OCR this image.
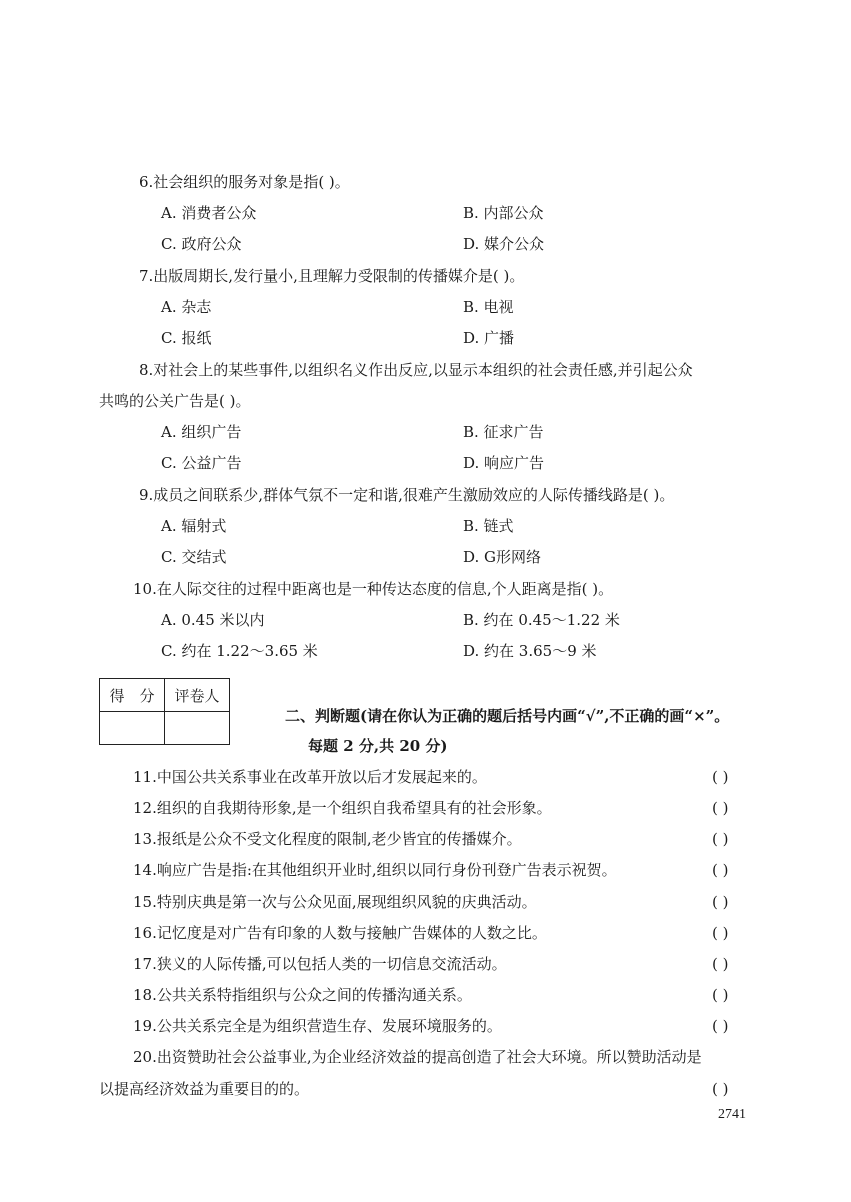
6.社会组织的服务对象是指( )。
A. 消费者公众	B. 内部公众
C. 政府公众	D. 媒介公众
7.出版周期长,发行量小,且理解力受限制的传播媒介是( )。
A. 杂志	B. 电视
C. 报纸	D. 广播
8.对社会上的某些事件,以组织名义作出反应,以显示本组织的社会责任感,并引起公众
共鸣的公关广告是( )。
A. 组织广告	B. 征求广告
C. 公益广告	D. 响应广告
9.成员之间联系少,群体气氛不一定和谐,很难产生激励效应的人际传播线路是( )。
A. 辐射式	B. 链式
C. 交结式	D. G形网络
10.在人际交往的过程中距离也是一种传达态度的信息,个人距离是指( )。
A. 0.45 米以内	B. 约在 0.45～1.22 米
C. 约在 1.22～3.65 米	D. 约在 3.65～9 米
得　分	评卷人

二、判断题(请在你认为正确的题后括号内画“√”,不正确的画“×”。
每题 2 分,共 20 分)
11.中国公共关系事业在改革开放以后才发展起来的。	( )
12.组织的自我期待形象,是一个组织自我希望具有的社会形象。	( )
13.报纸是公众不受文化程度的限制,老少皆宜的传播媒介。	( )
14.响应广告是指:在其他组织开业时,组织以同行身份刊登广告表示祝贺。	( )
15.特别庆典是第一次与公众见面,展现组织风貌的庆典活动。	( )
16.记忆度是对广告有印象的人数与接触广告媒体的人数之比。	( )
17.狭义的人际传播,可以包括人类的一切信息交流活动。	( )
18.公共关系特指组织与公众之间的传播沟通关系。	( )
19.公共关系完全是为组织营造生存、发展环境服务的。	( )
20.出资赞助社会公益事业,为企业经济效益的提高创造了社会大环境。所以赞助活动是
以提高经济效益为重要目的的。	( )
2741
